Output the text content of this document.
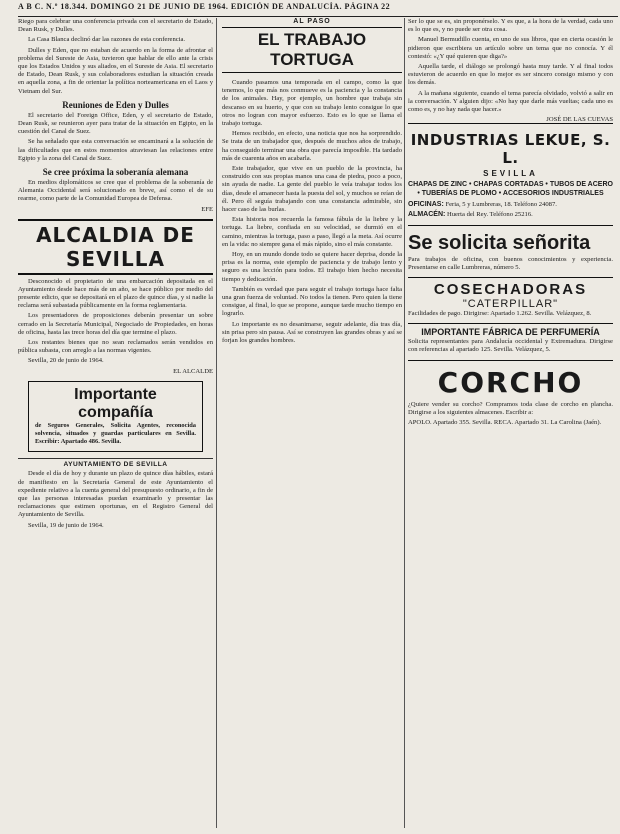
A B C. N.º 18.344. DOMINGO 21 DE JUNIO DE 1964. EDICIÓN DE ANDALUCÍA. PÁGINA 22

Riego para celebrar una conferencia privada con el secretario de Estado, Dean Rusk, y Dulles.

La Casa Blanca declinó dar las razones de esta conferencia.

Dulles y Eden, que no estaban de acuerdo en la forma de afrontar el problema del Sureste de Asia, tuvieron que hablar de ello ante la crisis que los Estados Unidos y sus aliados, en el Sureste de Asia. El secretario de Estado, Dean Rusk, y sus colaboradores estudian la situación creada en aquella zona, a fin de orientar la política norteamericana en el Laos y Vietnam del Sur.

Reuniones de Eden y Dulles

El secretario del Foreign Office, Eden, y el secretario de Estado, Dean Rusk, se reunieron ayer para tratar de la situación en Egipto, en la cuestión del Canal de Suez.

Se ha señalado que esta conversación se encaminará a la solución de las dificultades que en estos momentos atraviesan las relaciones entre Egipto y la zona del Canal de Suez.

Se cree próxima la soberanía alemana

En medios diplomáticos se cree que el problema de la soberanía de Alemania Occidental será solucionado en breve, así como el de su rearme, como parte de la Comunidad Europea de Defensa.

EFE
ALCALDIA DE SEVILLA

Desconocido el propietario de una embarcación depositada en el Ayuntamiento desde hace más de un año, se hace público por medio del presente edicto, que se depositará en el plazo de quince días, y si nadie la reclama será subastada públicamente en la forma reglamentaria.

Los presentadores de proposiciones deberán presentar un sobre cerrado en la Secretaría Municipal, Negociado de Propiedades, en horas de oficina, hasta las trece horas del día que termine el plazo.

Los restantes bienes que no sean reclamados serán vendidos en pública subasta, con arreglo a las normas vigentes.

Sevilla, 20 de junio de 1964.

EL ALCALDE
Importante compañía

de Seguros Generales, Solicita Agentes, reconocida solvencia, situados y guardas particulares en Sevilla. Escribir: Apartado 486. Sevilla.

AYUNTAMIENTO DE SEVILLA

Desde el día de hoy y durante un plazo de quince días hábiles, estará de manifiesto en la Secretaría General de este Ayuntamiento el expediente relativo a la cuenta general del presupuesto ordinario, a fin de que las personas interesadas puedan examinarlo y presentar las reclamaciones que estimen oportunas, en el Registro General del Ayuntamiento de Sevilla.

Sevilla, 19 de junio de 1964.

AL PASO
EL TRABAJO TORTUGA

Cuando pasamos una temporada en el campo, como la que tenemos, lo que más nos conmueve es la paciencia y la constancia de los animales. Hay, por ejemplo, un hombre que trabaja sin descanso en su huerto, y que con su trabajo lento consigue lo que otros no logran con mayor esfuerzo. Esto es lo que se llama el trabajo tortuga.

Hemos recibido, en efecto, una noticia que nos ha sorprendido. Se trata de un trabajador que, después de muchos años de trabajo, ha conseguido terminar una obra que parecía imposible. Ha tardado más de cuarenta años en acabarla.

Este trabajador, que vive en un pueblo de la provincia, ha construido con sus propias manos una casa de piedra, poco a poco, sin ayuda de nadie. La gente del pueblo le veía trabajar todos los días, desde el amanecer hasta la puesta del sol, y muchos se reían de él. Pero él seguía trabajando con una constancia admirable, sin hacer caso de las burlas.

Esta historia nos recuerda la famosa fábula de la liebre y la tortuga. La liebre, confiada en su velocidad, se durmió en el camino, mientras la tortuga, paso a paso, llegó a la meta. Así ocurre en la vida: no siempre gana el más rápido, sino el más constante.

Hoy, en un mundo donde todo se quiere hacer deprisa, donde la prisa es la norma, este ejemplo de paciencia y de trabajo lento y seguro es una lección para todos. El trabajo bien hecho necesita tiempo y dedicación.

También es verdad que para seguir el trabajo tortuga hace falta una gran fuerza de voluntad. No todos la tienen. Pero quien la tiene consigue, al final, lo que se propone, aunque tarde mucho tiempo en lograrlo.

Lo importante es no desanimarse, seguir adelante, día tras día, sin prisa pero sin pausa. Así se construyen las grandes obras y así se forjan los grandes hombres.

Ser lo que se es, sin proponérselo. Y es que, a la hora de la verdad, cada uno es lo que es, y no puede ser otra cosa.

Manuel Bermudillo cuenta, en uno de sus libros, que en cierta ocasión le pidieron que escribiera un artículo sobre un tema que no conocía. Y él contestó: «¿Y qué quieren que diga?»

Aquella tarde, el diálogo se prolongó hasta muy tarde. Y al final todos estuvieron de acuerdo en que lo mejor es ser sincero consigo mismo y con los demás.

A la mañana siguiente, cuando el tema parecía olvidado, volvió a salir en la conversación. Y alguien dijo: «No hay que darle más vueltas; cada uno es como es, y no hay nada que hacer.»

JOSÉ DE LAS CUEVAS
INDUSTRIAS LEKUE, S. L.
SEVILLA
CHAPAS DE ZINC • CHAPAS CORTADAS • TUBOS DE ACERO • TUBERÍAS DE PLOMO • ACCESORIOS INDUSTRIALES

OFICINAS: Feria, 5 y Lumbreras, 18. Teléfono 24087.

ALMACÉN: Huerta del Rey. Teléfono 25216.

Se solicita señorita

Para trabajos de oficina, con buenos conocimientos y experiencia. Presentarse en calle Lumbreras, número 5.

COSECHADORAS
"CATERPILLAR"

Facilidades de pago. Dirigirse: Apartado 1.262. Sevilla. Velázquez, 8.

IMPORTANTE FÁBRICA DE PERFUMERÍA

Solicita representantes para Andalucía occidental y Extremadura. Dirigirse con referencias al apartado 125. Sevilla. Velázquez, 5.

CORCHO

¿Quiere vender su corcho? Compramos toda clase de corcho en plancha. Dirigirse a los siguientes almacenes. Escribir a:

APOLO. Apartado 355. Sevilla. RECA. Apartado 31. La Carolina (Jaén).
